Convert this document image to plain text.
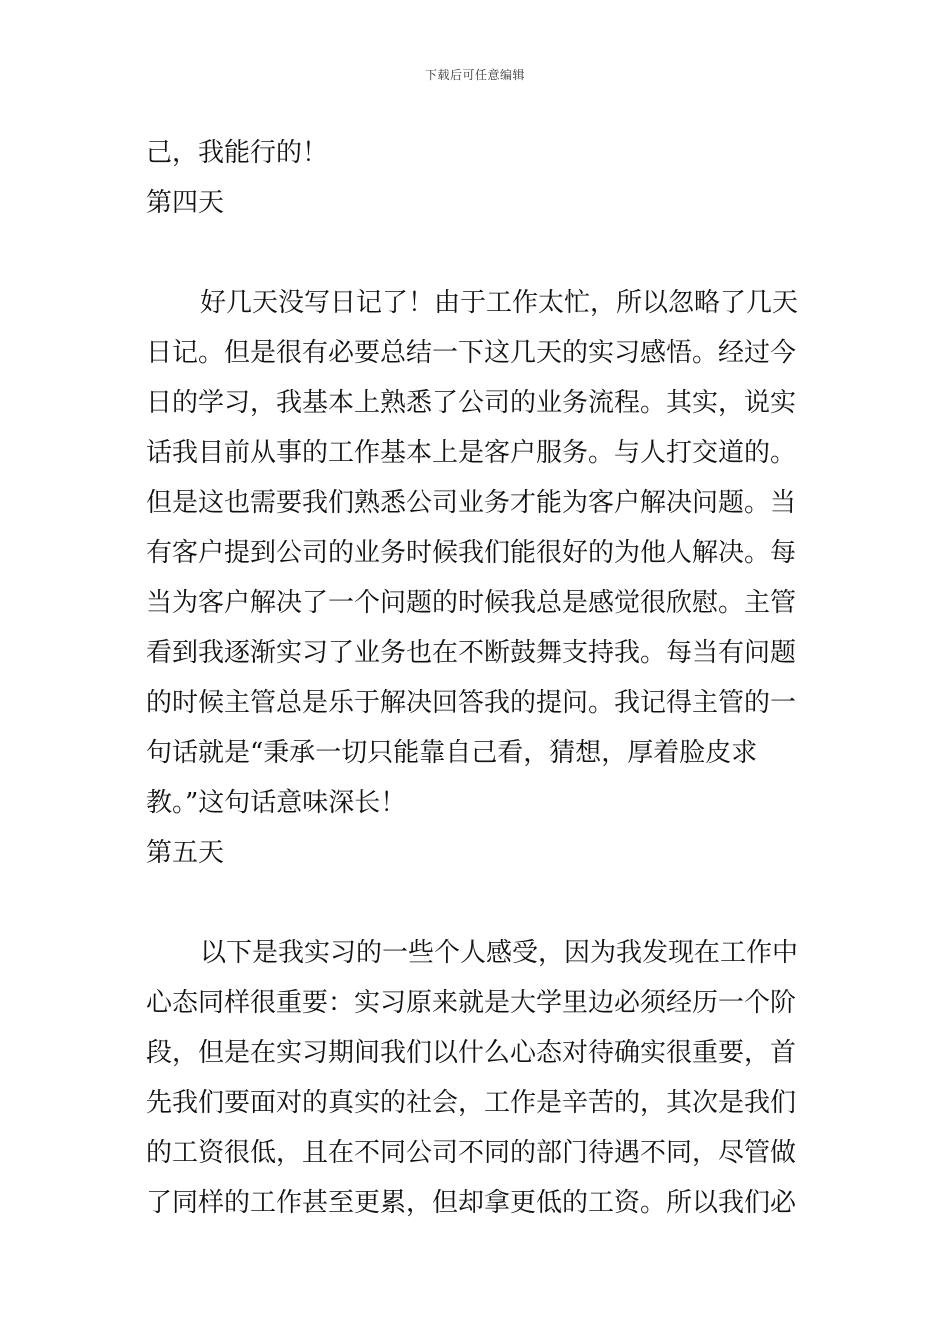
下载后可任意编辑
己，我能行的！
第四天
好几天没写日记了！由于工作太忙，所以忽略了几天
日记。但是很有必要总结一下这几天的实习感悟。经过今
日的学习，我基本上熟悉了公司的业务流程。其实，说实
话我目前从事的工作基本上是客户服务。与人打交道的。
但是这也需要我们熟悉公司业务才能为客户解决问题。当
有客户提到公司的业务时候我们能很好的为他人解决。每
当为客户解决了一个问题的时候我总是感觉很欣慰。主管
看到我逐渐实习了业务也在不断鼓舞支持我。每当有问题
的时候主管总是乐于解决回答我的提问。我记得主管的一
句话就是“秉承一切只能靠自己看，猜想，厚着脸皮求
教。”这句话意味深长！
第五天
以下是我实习的一些个人感受，因为我发现在工作中
心态同样很重要：实习原来就是大学里边必须经历一个阶
段，但是在实习期间我们以什么心态对待确实很重要，首
先我们要面对的真实的社会，工作是辛苦的，其次是我们
的工资很低，且在不同公司不同的部门待遇不同，尽管做
了同样的工作甚至更累，但却拿更低的工资。所以我们必
